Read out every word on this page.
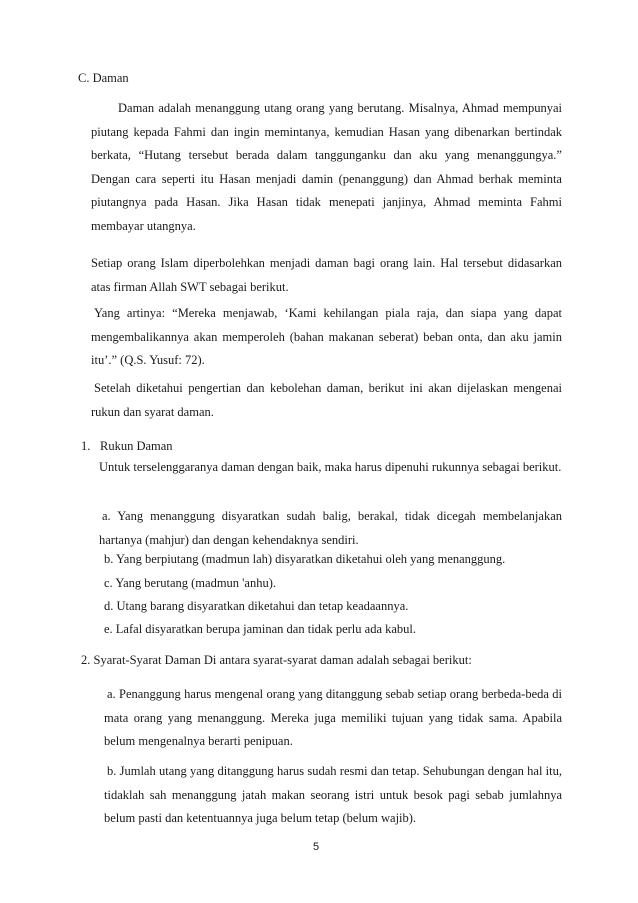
C. Daman

Daman adalah menanggung utang orang yang berutang. Misalnya, Ahmad mempunyai piutang kepada Fahmi dan ingin memintanya, kemudian Hasan yang dibenarkan bertindak berkata, “Hutang tersebut berada dalam tanggunganku dan aku yang menanggungya.” Dengan cara seperti itu Hasan menjadi damin (penanggung) dan Ahmad berhak meminta piutangnya pada Hasan. Jika Hasan tidak menepati janjinya, Ahmad meminta Fahmi membayar utangnya.

Setiap orang Islam diperbolehkan menjadi daman bagi orang lain. Hal tersebut didasarkan atas firman Allah SWT sebagai berikut.

Yang artinya: “Mereka menjawab, ‘Kami kehilangan piala raja, dan siapa yang dapat mengembalikannya akan memperoleh (bahan makanan seberat) beban onta, dan aku jamin itu’.” (Q.S. Yusuf: 72).

Setelah diketahui pengertian dan kebolehan daman, berikut ini akan dijelaskan mengenai rukun dan syarat daman.

1. Rukun Daman

Untuk terselenggaranya daman dengan baik, maka harus dipenuhi rukunnya sebagai berikut.

a. Yang menanggung disyaratkan sudah balig, berakal, tidak dicegah membelanjakan hartanya (mahjur) dan dengan kehendaknya sendiri.

b. Yang berpiutang (madmun lah) disyaratkan diketahui oleh yang menanggung.
c. Yang berutang (madmun 'anhu).
d. Utang barang disyaratkan diketahui dan tetap keadaannya.
e. Lafal disyaratkan berupa jaminan dan tidak perlu ada kabul.
2. Syarat-Syarat Daman Di antara syarat-syarat daman adalah sebagai berikut:

a. Penanggung harus mengenal orang yang ditanggung sebab setiap orang berbeda-beda di mata orang yang menanggung. Mereka juga memiliki tujuan yang tidak sama. Apabila belum mengenalnya berarti penipuan.

b. Jumlah utang yang ditanggung harus sudah resmi dan tetap. Sehubungan dengan hal itu, tidaklah sah menanggung jatah makan seorang istri untuk besok pagi sebab jumlahnya belum pasti dan ketentuannya juga belum tetap (belum wajib).

5
